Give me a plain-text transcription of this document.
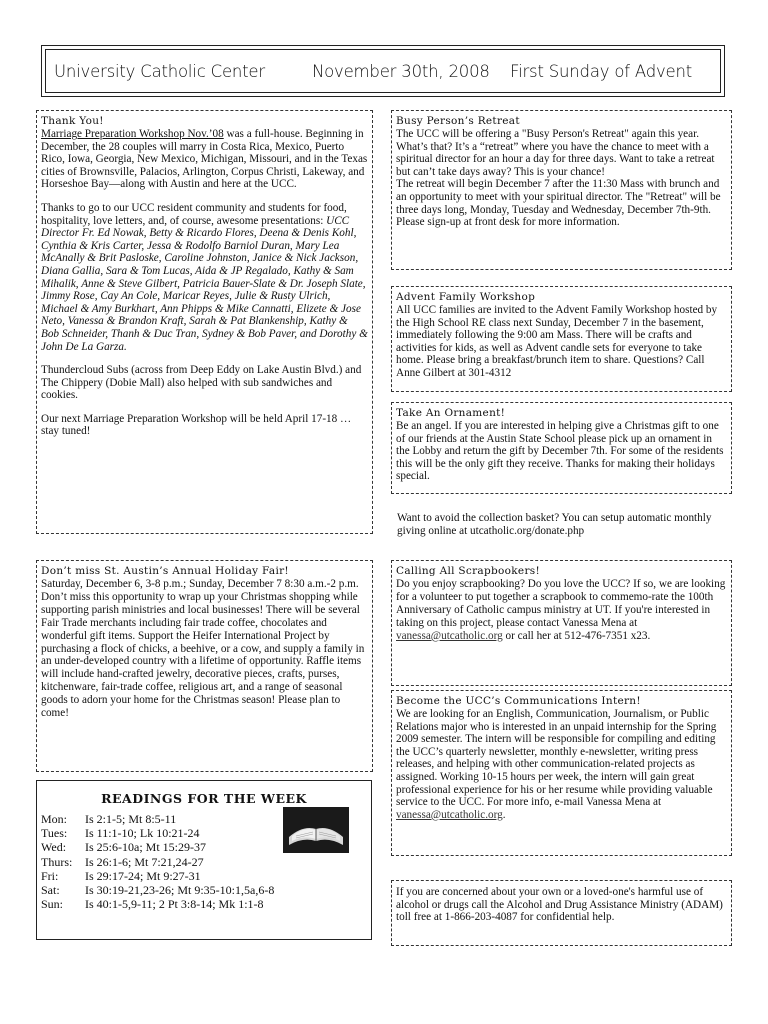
University Catholic Center	November 30th, 2008	First Sunday of Advent
Thank You!

Marriage Preparation Workshop Nov.’08 was a full-house. Beginning in December, the 28 couples will marry in Costa Rica, Mexico, Puerto Rico, Iowa, Georgia, New Mexico, Michigan, Missouri, and in the Texas cities of Brownsville, Palacios, Arlington, Corpus Christi, Lakeway, and Horseshoe Bay—along with Austin and here at the UCC.

Thanks to go to our UCC resident community and students for food, hospitality, love letters, and, of course, awesome presentations: UCC Director Fr. Ed Nowak, Betty & Ricardo Flores, Deena & Denis Kohl, Cynthia & Kris Carter, Jessa & Rodolfo Barniol Duran, Mary Lea McAnally & Brit Pasloske, Caroline Johnston, Janice & Nick Jackson, Diana Gallia, Sara & Tom Lucas, Aida & JP Regalado, Kathy & Sam Mihalik, Anne & Steve Gilbert, Patricia Bauer-Slate & Dr. Joseph Slate, Jimmy Rose, Cay An Cole, Maricar Reyes, Julie & Rusty Ulrich, Michael & Amy Burkhart, Ann Phipps & Mike Cannatti, Elizete & Jose Neto, Vanessa & Brandon Kraft, Sarah & Pat Blankenship, Kathy & Bob Schneider, Thanh & Duc Tran, Sydney & Bob Paver, and Dorothy & John De La Garza.

Thundercloud Subs (across from Deep Eddy on Lake Austin Blvd.) and The Chippery (Dobie Mall) also helped with sub sandwiches and cookies.

Our next Marriage Preparation Workshop will be held April 17-18 … stay tuned!

Busy Person’s Retreat

The UCC will be offering a "Busy Person's Retreat" again this year. What’s that? It’s a “retreat” where you have the chance to meet with a spiritual director for an hour a day for three days. Want to take a retreat but can’t take days away? This is your chance!

The retreat will begin December 7 after the 11:30 Mass with brunch and an opportunity to meet with your spiritual director. The "Retreat" will be three days long, Monday, Tuesday and Wednesday, December 7th-9th. Please sign-up at front desk for more information.

Advent Family Workshop

All UCC families are invited to the Advent Family Workshop hosted by the High School RE class next Sunday, December 7 in the basement, immediately following the 9:00 am Mass. There will be crafts and activities for kids, as well as Advent candle sets for everyone to take home. Please bring a breakfast/brunch item to share. Questions? Call Anne Gilbert at 301-4312

Take An Ornament!

Be an angel. If you are interested in helping give a Christmas gift to one of our friends at the Austin State School please pick up an ornament in the Lobby and return the gift by December 7th. For some of the residents this will be the only gift they receive. Thanks for making their holidays special.

Want to avoid the collection basket? You can setup automatic monthly giving online at utcatholic.org/donate.php
Don’t miss St. Austin’s Annual Holiday Fair!

Saturday, December 6, 3-8 p.m.; Sunday, December 7 8:30 a.m.-2 p.m. Don’t miss this opportunity to wrap up your Christmas shopping while supporting parish ministries and local businesses! There will be several Fair Trade merchants including fair trade coffee, chocolates and wonderful gift items. Support the Heifer International Project by purchasing a flock of chicks, a beehive, or a cow, and supply a family in an under-developed country with a lifetime of opportunity. Raffle items will include hand-crafted jewelry, decorative pieces, crafts, purses, kitchenware, fair-trade coffee, religious art, and a range of seasonal goods to adorn your home for the Christmas season! Please plan to come!

Calling All Scrapbookers!

Do you enjoy scrapbooking? Do you love the UCC? If so, we are looking for a volunteer to put together a scrapbook to commemo-rate the 100th Anniversary of Catholic campus ministry at UT. If you're interested in taking on this project, please contact Vanessa Mena at vanessa@utcatholic.org or call her at 512-476-7351 x23.

Become the UCC’s Communications Intern!

We are looking for an English, Communication, Journalism, or Public Relations major who is interested in an unpaid internship for the Spring 2009 semester. The intern will be responsible for compiling and editing the UCC’s quarterly newsletter, monthly e-newsletter, writing press releases, and helping with other communication-related projects as assigned. Working 10-15 hours per week, the intern will gain great professional experience for his or her resume while providing valuable service to the UCC. For more info, e-mail Vanessa Mena at vanessa@utcatholic.org.

If you are concerned about your own or a loved-one's harmful use of alcohol or drugs call the Alcohol and Drug Assistance Ministry (ADAM) toll free at 1-866-203-4087 for confidential help.

READINGS FOR THE WEEK
Mon:	Is 2:1-5; Mt 8:5-11
Tues:	Is 11:1-10; Lk 10:21-24
Wed:	Is 25:6-10a; Mt 15:29-37
Thurs:	Is 26:1-6; Mt 7:21,24-27
Fri:	Is 29:17-24; Mt 9:27-31
Sat:	Is 30:19-21,23-26; Mt 9:35-10:1,5a,6-8
Sun:	Is 40:1-5,9-11; 2 Pt 3:8-14; Mk 1:1-8
